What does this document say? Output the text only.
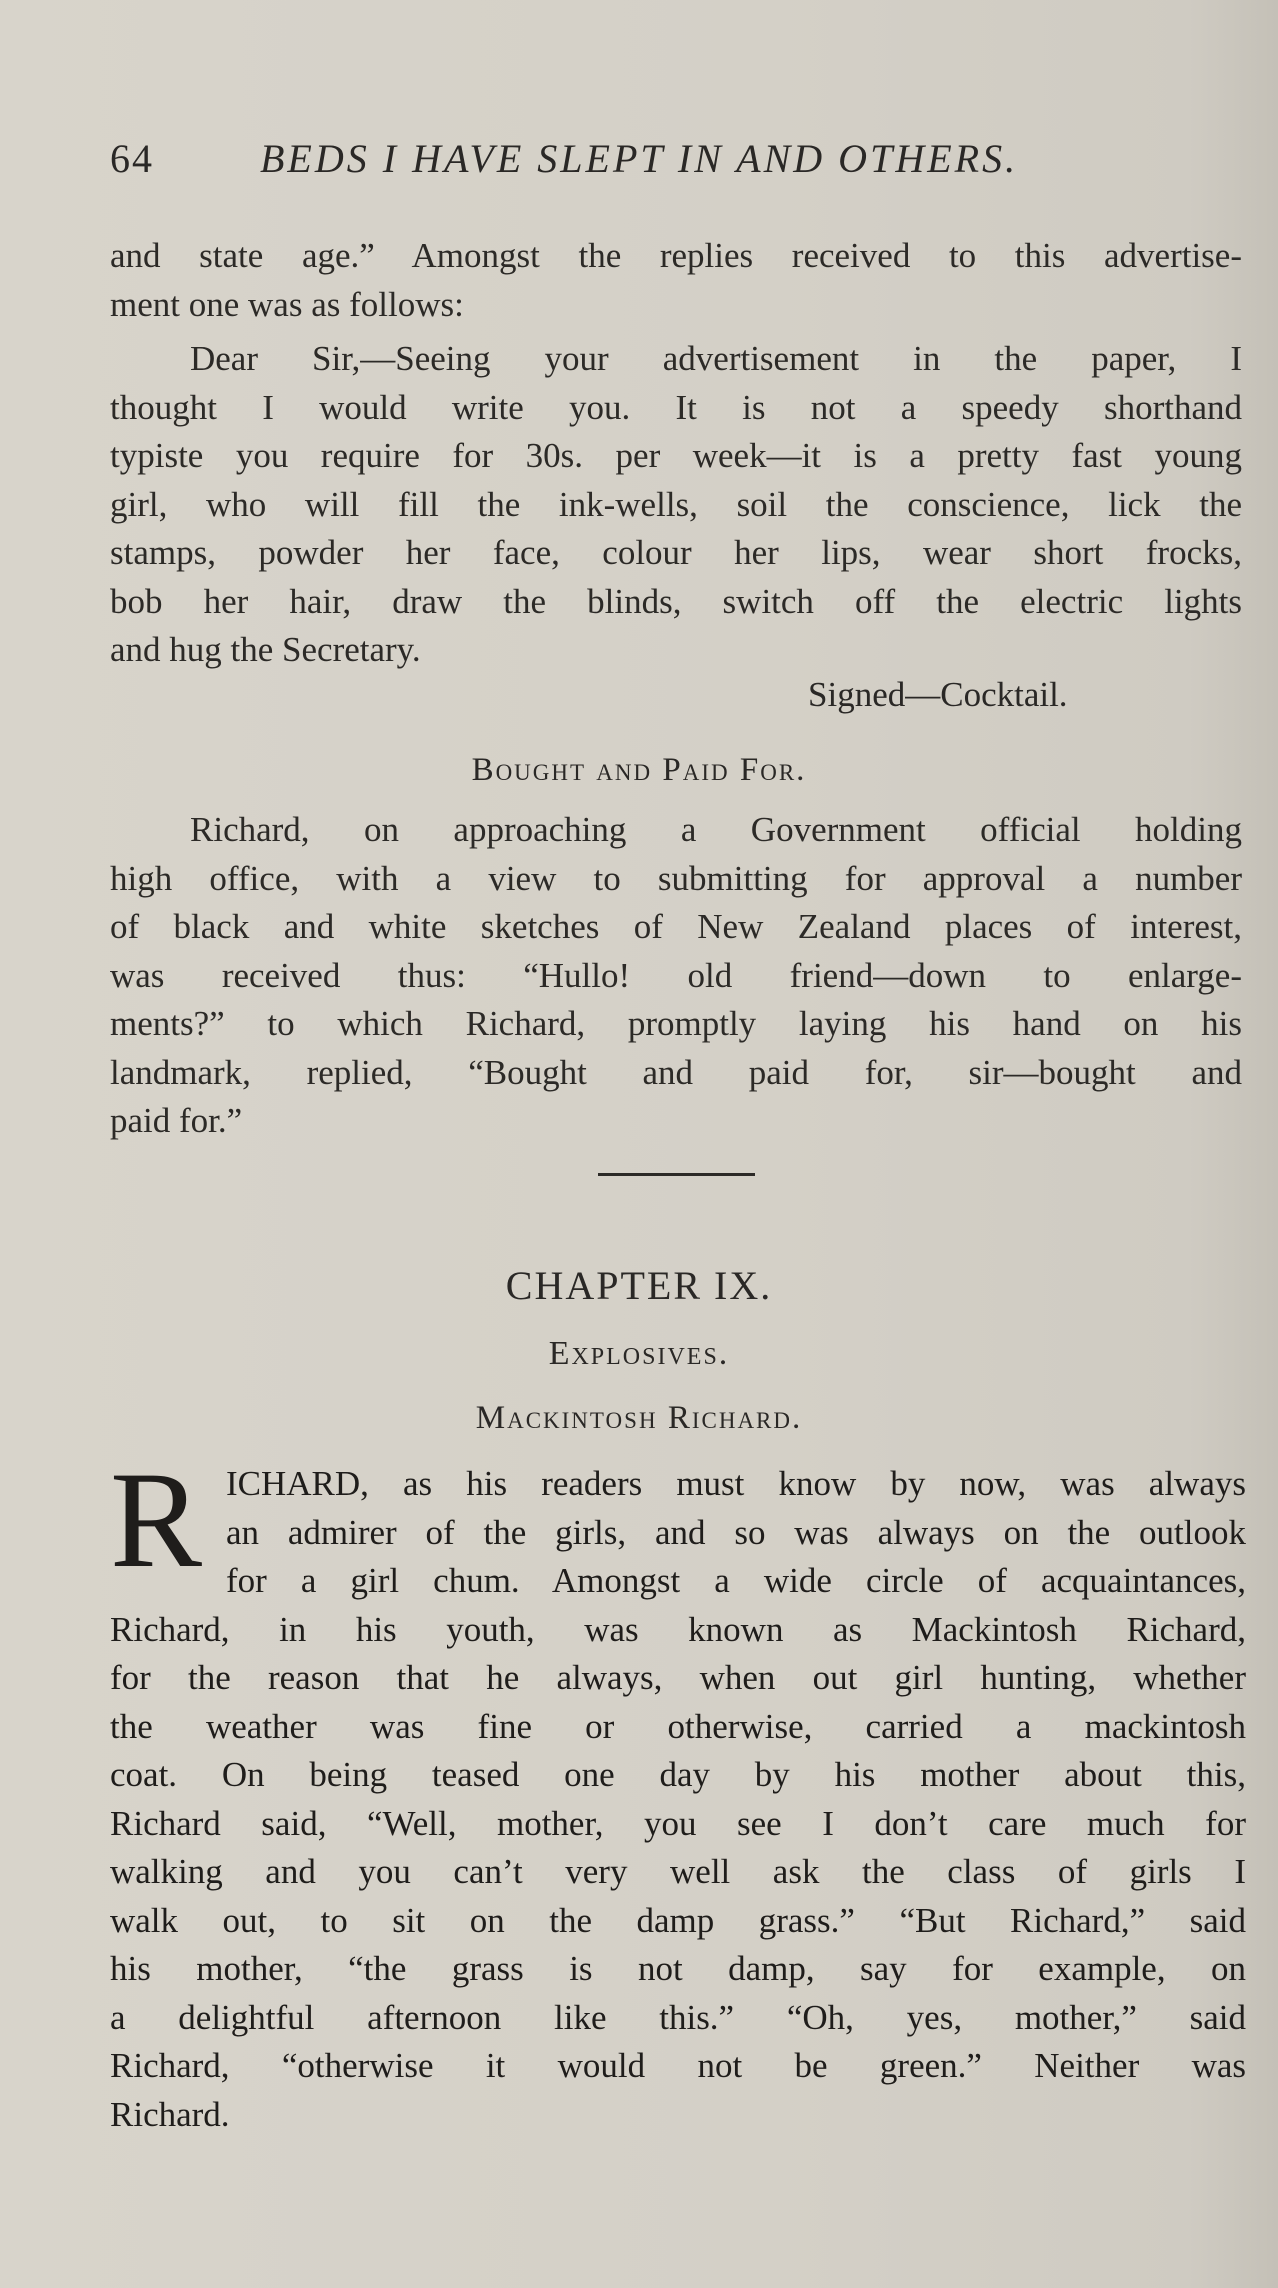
64	BEDS I HAVE SLEPT IN AND OTHERS.
and state age.” Amongst the replies received to this advertise-
ment one was as follows:
Dear Sir,—Seeing your advertisement in the paper, I
thought I would write you. It is not a speedy shorthand
typiste you require for 30s. per week—it is a pretty fast young
girl, who will fill the ink-wells, soil the conscience, lick the
stamps, powder her face, colour her lips, wear short frocks,
bob her hair, draw the blinds, switch off the electric lights
and hug the Secretary.
Signed—Cocktail.
Bought and Paid For.
Richard, on approaching a Government official holding
high office, with a view to submitting for approval a number
of black and white sketches of New Zealand places of interest,
was received thus: “Hullo! old friend—down to enlarge-
ments?” to which Richard, promptly laying his hand on his
landmark, replied, “Bought and paid for, sir—bought and
paid for.”
CHAPTER IX.
Explosives.
Mackintosh Richard.
R ICHARD, as his readers must know by now, was always
an admirer of the girls, and so was always on the outlook
for a girl chum. Amongst a wide circle of acquaintances,
Richard, in his youth, was known as Mackintosh Richard,
for the reason that he always, when out girl hunting, whether
the weather was fine or otherwise, carried a mackintosh
coat. On being teased one day by his mother about this,
Richard said, “Well, mother, you see I don’t care much for
walking and you can’t very well ask the class of girls I
walk out, to sit on the damp grass.” “But Richard,” said
his mother, “the grass is not damp, say for example, on
a delightful afternoon like this.” “Oh, yes, mother,” said
Richard, “otherwise it would not be green.” Neither was
Richard.
